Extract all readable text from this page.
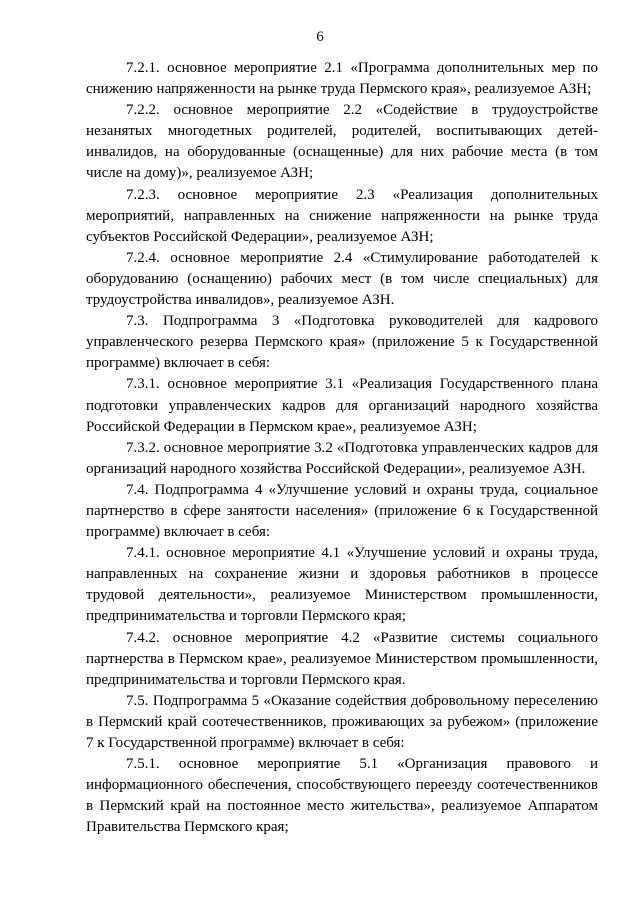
6

7.2.1. основное мероприятие 2.1 «Программа дополнительных мер по снижению напряженности на рынке труда Пермского края», реализуемое АЗН;

7.2.2. основное мероприятие 2.2 «Содействие в трудоустройстве незанятых многодетных родителей, родителей, воспитывающих детей-инвалидов, на оборудованные (оснащенные) для них рабочие места (в том числе на дому)», реализуемое АЗН;

7.2.3. основное мероприятие 2.3 «Реализация дополнительных мероприятий, направленных на снижение напряженности на рынке труда субъектов Российской Федерации», реализуемое АЗН;

7.2.4. основное мероприятие 2.4 «Стимулирование работодателей к оборудованию (оснащению) рабочих мест (в том числе специальных) для трудоустройства инвалидов», реализуемое АЗН.

7.3. Подпрограмма 3 «Подготовка руководителей для кадрового управленческого резерва Пермского края» (приложение 5 к Государственной программе) включает в себя:

7.3.1. основное мероприятие 3.1 «Реализация Государственного плана подготовки управленческих кадров для организаций народного хозяйства Российской Федерации в Пермском крае», реализуемое АЗН;

7.3.2. основное мероприятие 3.2 «Подготовка управленческих кадров для организаций народного хозяйства Российской Федерации», реализуемое АЗН.

7.4. Подпрограмма 4 «Улучшение условий и охраны труда, социальное партнерство в сфере занятости населения» (приложение 6 к Государственной программе) включает в себя:

7.4.1. основное мероприятие 4.1 «Улучшение условий и охраны труда, направленных на сохранение жизни и здоровья работников в процессе трудовой деятельности», реализуемое Министерством промышленности, предпринимательства и торговли Пермского края;

7.4.2. основное мероприятие 4.2 «Развитие системы социального партнерства в Пермском крае», реализуемое Министерством промышленности, предпринимательства и торговли Пермского края.

7.5. Подпрограмма 5 «Оказание содействия добровольному переселению в Пермский край соотечественников, проживающих за рубежом» (приложение 7 к Государственной программе) включает в себя:

7.5.1. основное мероприятие 5.1 «Организация правового и информационного обеспечения, способствующего переезду соотечественников в Пермский край на постоянное место жительства», реализуемое Аппаратом Правительства Пермского края;
